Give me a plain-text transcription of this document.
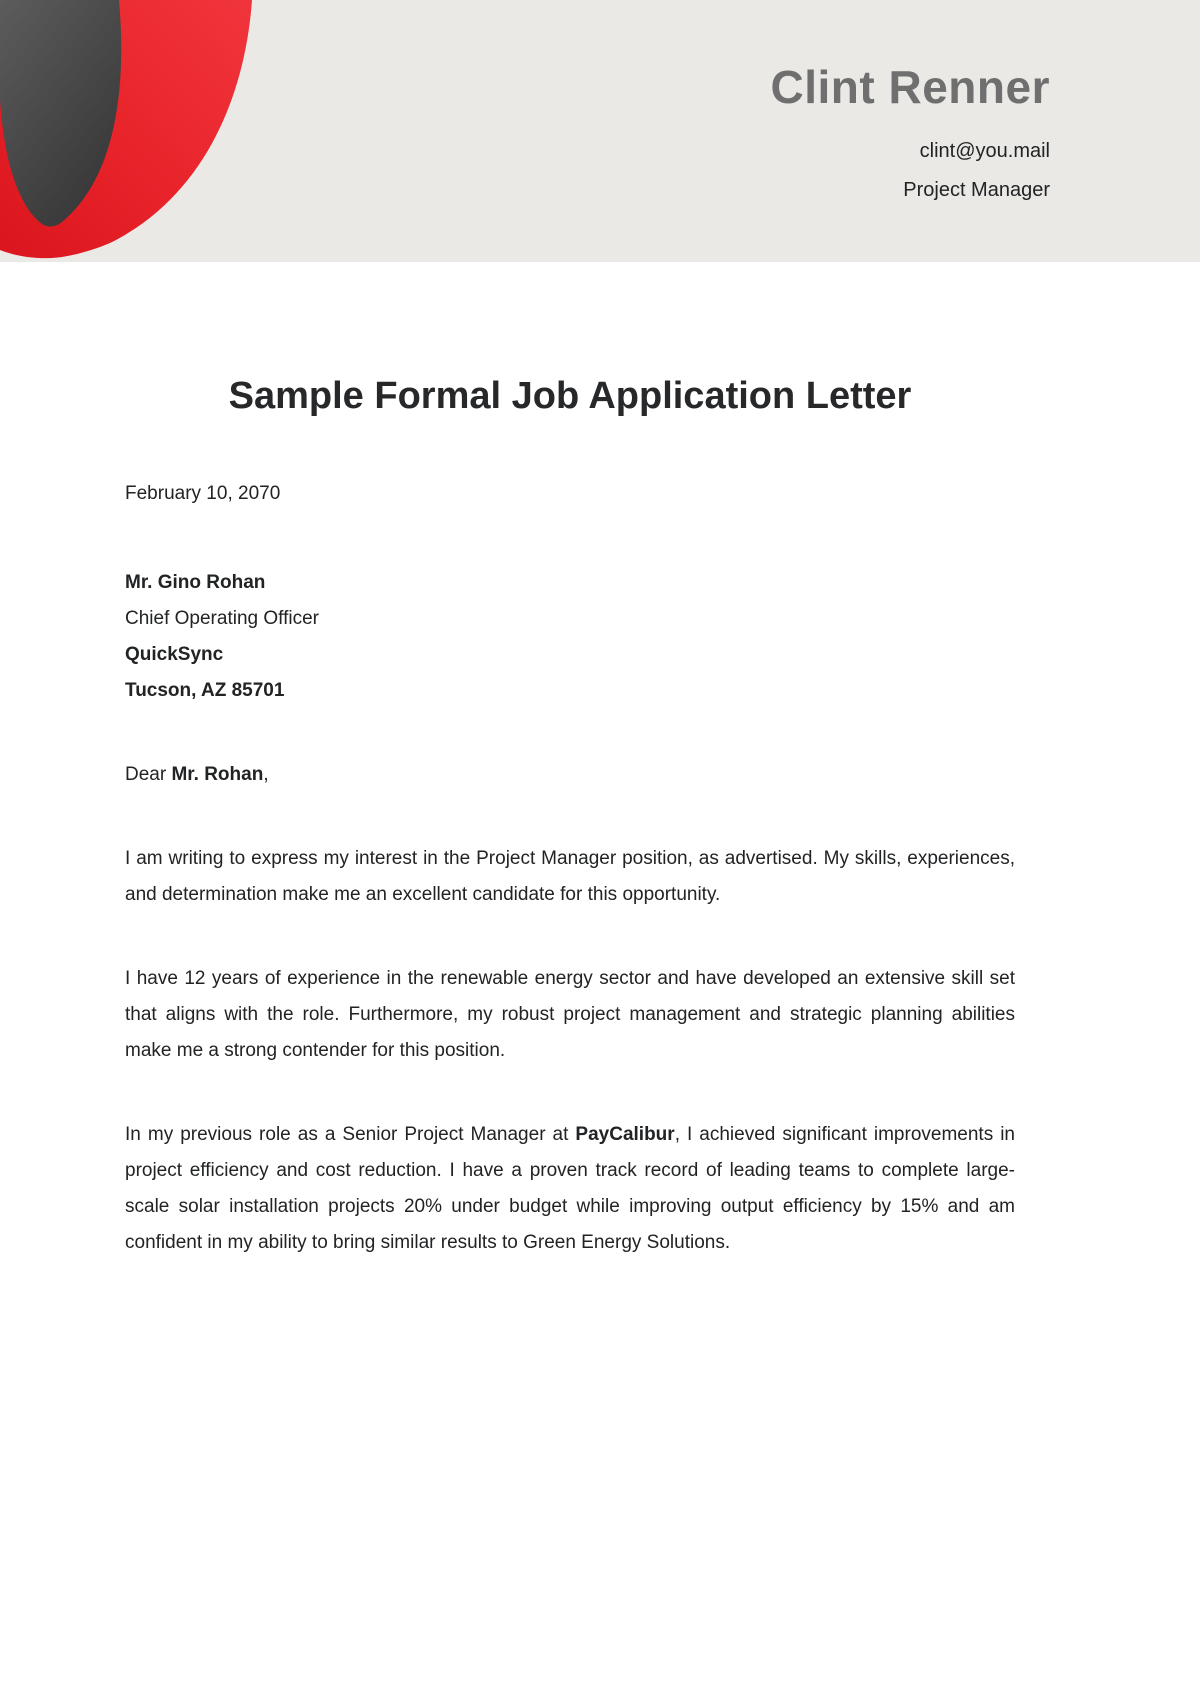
Clint Renner
clint@you.mail
Project Manager
Sample Formal Job Application Letter
February 10, 2070
Mr. Gino Rohan
Chief Operating Officer
QuickSync
Tucson, AZ 85701

Dear Mr. Rohan,

I am writing to express my interest in the Project Manager position, as advertised. My skills, experiences, and determination make me an excellent candidate for this opportunity.

I have 12 years of experience in the renewable energy sector and have developed an extensive skill set that aligns with the role. Furthermore, my robust project management and strategic planning abilities make me a strong contender for this position.

In my previous role as a Senior Project Manager at PayCalibur, I achieved significant improvements in project efficiency and cost reduction. I have a proven track record of leading teams to complete large-scale solar installation projects 20% under budget while improving output efficiency by 15% and am confident in my ability to bring similar results to Green Energy Solutions.
